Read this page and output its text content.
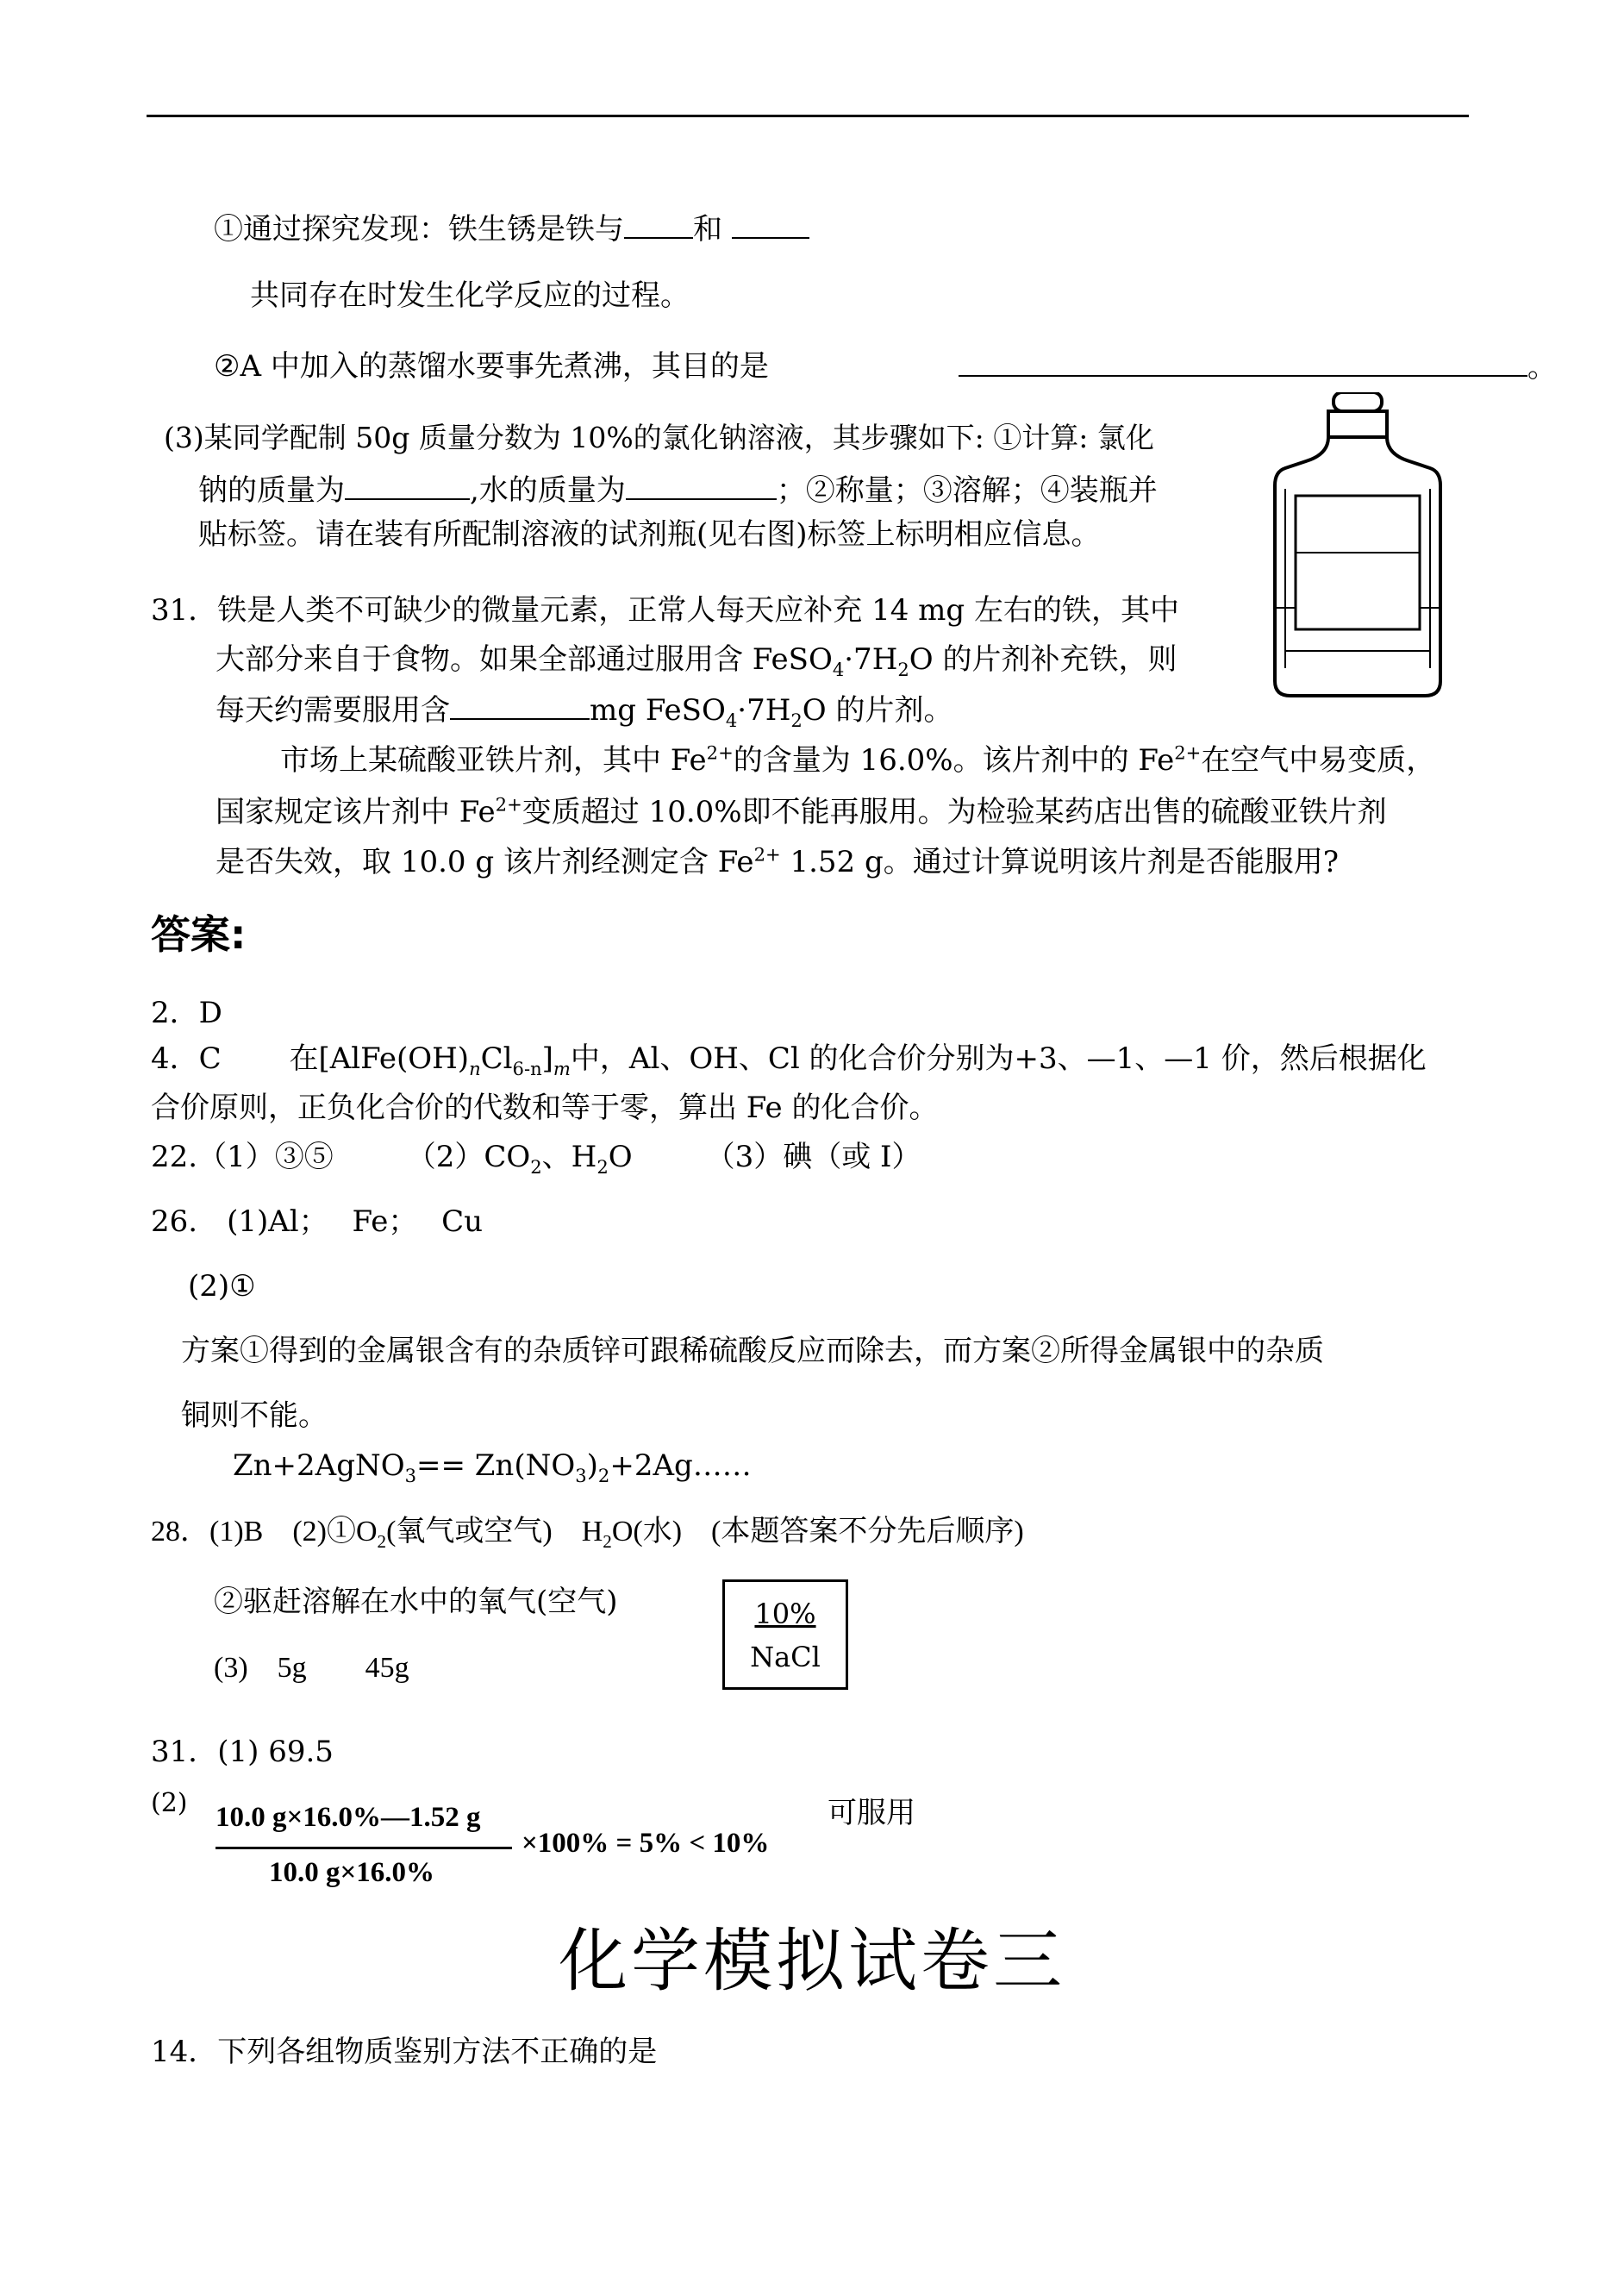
①通过探究发现：铁生锈是铁与 和
共同存在时发生化学反应的过程。
②A 中加入的蒸馏水要事先煮沸，其目的是	。
(3)某同学配制 50g 质量分数为 10%的氯化钠溶液，其步骤如下: ①计算: 氯化
钠的质量为	,水的质量为	；②称量；③溶解；④装瓶并
贴标签。请在装有所配制溶液的试剂瓶(见右图)标签上标明相应信息。
31．铁是人类不可缺少的微量元素，正常人每天应补充 14 mg 左右的铁，其中
大部分来自于食物。如果全部通过服用含 $FeSO_4\cdot 7H_2O$ 的片剂补充铁，则
每天约需要服用含	mg $FeSO_4\cdot 7H_2O$ 的片剂。
市场上某硫酸亚铁片剂，其中 $Fe^{2+}$的含量为 16.0%。该片剂中的 $Fe^{2+}$在空气中易变质，
国家规定该片剂中 $Fe^{2+}$变质超过 10.0%即不能再服用。为检验某药店出售的硫酸亚铁片剂
是否失效，取 10.0 g 该片剂经测定含 $Fe^{2+}$ 1.52 g。通过计算说明该片剂是否能服用?
答案:
2．D
4．C　　 在$[AlFe(OH)_nCl_{6-n}]_m$中，Al、OH、Cl 的化合价分别为+3、—1、—1 价，然后根据化
合价原则，正负化合价的代数和等于零，算出 Fe 的化合价。
22.（1）③⑤　　　$(2)CO_2$、$H_2O$　　　（3）碘（或 I）
26.　(1)Al；　 Fe；　 Cu
(2)①
方案①得到的金属银含有的杂质锌可跟稀硫酸反应而除去，而方案②所得金属银中的杂质
铜则不能。
Zn+2AgNO$_3$== $Zn(NO_3)_2+2Ag\dots\dots$
28．(1)B　$(2)①O_2$(氧气或空气)　$H_2O$(水)　(本题答案不分先后顺序)
②驱赶溶解在水中的氧气(空气)
(3)　5g　　45g
10%
NaCl
31．(1) 69.5
(2) 10.0 g×16.0%—1.52 g
10.0 g×16.0%
×100% = 5% < 10%
可服用
化学模拟试卷三
14．下列各组物质鉴别方法不正确的是
